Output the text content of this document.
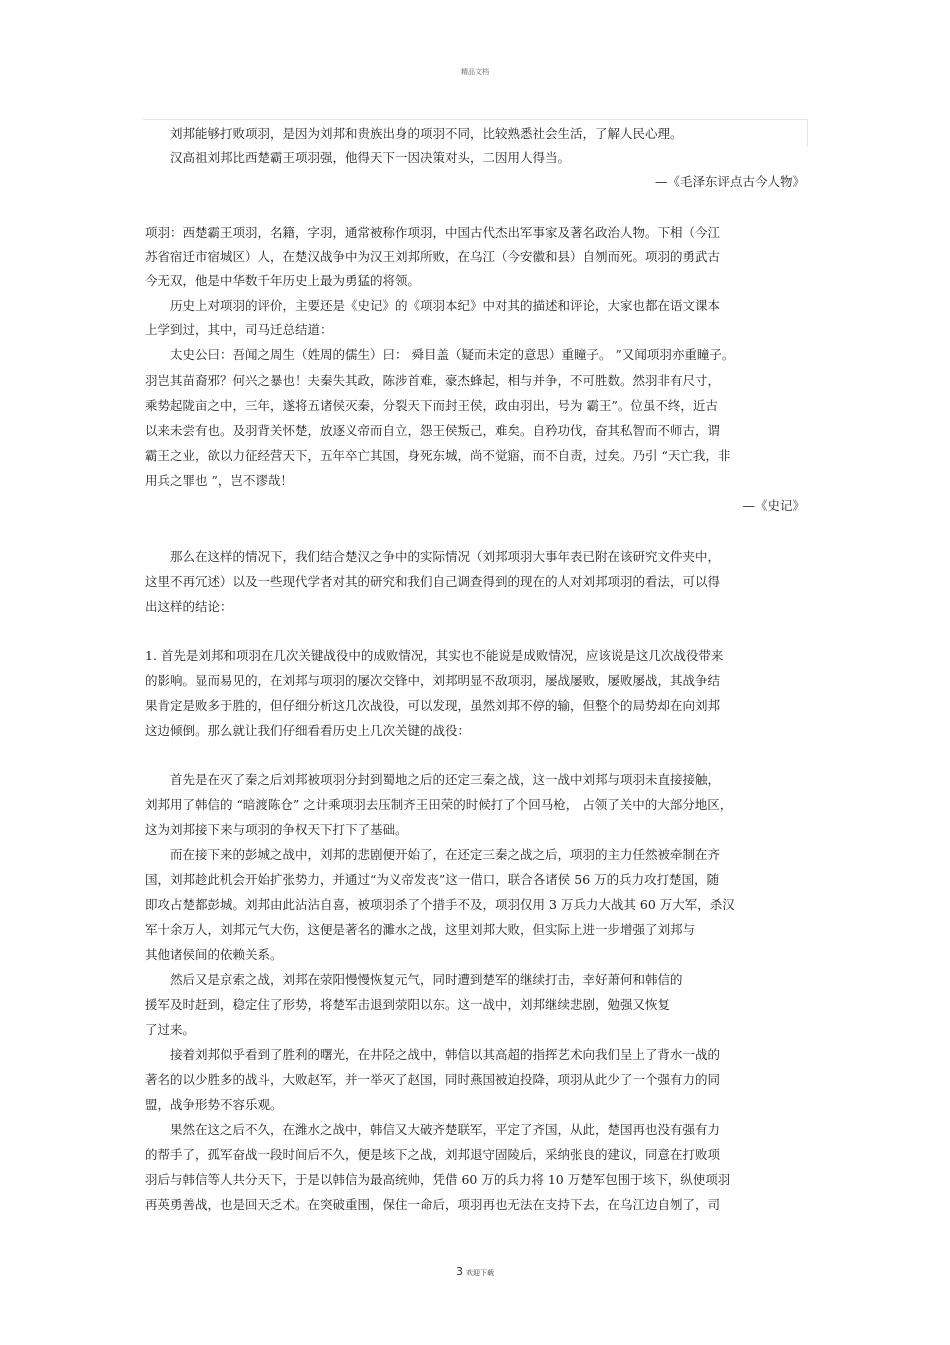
精品文档
刘邦能够打败项羽，是因为刘邦和贵族出身的项羽不同，比较熟悉社会生活，了解人民心理。
汉高祖刘邦比西楚霸王项羽强，他得天下一因决策对头，二因用人得当。
—《毛泽东评点古今人物》
项羽：西楚霸王项羽，名籍，字羽，通常被称作项羽，中国古代杰出军事家及著名政治人物。下相（今江
苏省宿迁市宿城区）人，在楚汉战争中为汉王刘邦所败，在乌江（今安徽和县）自刎而死。项羽的勇武古
今无双，他是中华数千年历史上最为勇猛的将领。
历史上对项羽的评价，主要还是《史记》的《项羽本纪》中对其的描述和评论，大家也都在语文课本
上学到过，其中，司马迁总结道：
太史公曰：吾闻之周生（姓周的儒生）曰： 舜目盖（疑而未定的意思）重瞳子。 ”又闻项羽亦重瞳子。
羽岂其苗裔邪？何兴之暴也！夫秦失其政，陈涉首难，豪杰蜂起，相与并争，不可胜数。然羽非有尺寸，
乘势起陇亩之中，三年，遂将五诸侯灭秦，分裂天下而封王侯，政由羽出，号为 霸王”。位虽不终，近古
以来未尝有也。及羽背关怀楚，放逐义帝而自立，怨王侯叛己，难矣。自矜功伐，奋其私智而不师古，谓
霸王之业，欲以力征经营天下，五年卒亡其国，身死东城，尚不觉寤，而不自责，过矣。乃引 “天亡我，非
用兵之罪也 ”，岂不谬哉！
—《史记》
那么在这样的情况下，我们结合楚汉之争中的实际情况（刘邦项羽大事年表已附在该研究文件夹中，
这里不再冗述）以及一些现代学者对其的研究和我们自己调查得到的现在的人对刘邦项羽的看法，可以得
出这样的结论：
1. 首先是刘邦和项羽在几次关键战役中的成败情况，其实也不能说是成败情况，应该说是这几次战役带来
的影响。显而易见的，在刘邦与项羽的屡次交锋中，刘邦明显不敌项羽，屡战屡败，屡败屡战，其战争结
果肯定是败多于胜的，但仔细分析这几次战役，可以发现，虽然刘邦不停的输，但整个的局势却在向刘邦
这边倾倒。那么就让我们仔细看看历史上几次关键的战役：
首先是在灭了秦之后刘邦被项羽分封到蜀地之后的还定三秦之战，这一战中刘邦与项羽未直接接触，
刘邦用了韩信的 “暗渡陈仓” 之计乘项羽去压制齐王田荣的时候打了个回马枪， 占领了关中的大部分地区，
这为刘邦接下来与项羽的争权天下打下了基础。
而在接下来的彭城之战中，刘邦的悲剧便开始了，在还定三秦之战之后，项羽的主力任然被牵制在齐
国，刘邦趁此机会开始扩张势力，并通过“为义帝发丧”这一借口，联合各诸侯 56 万的兵力攻打楚国，随
即攻占楚都彭城。刘邦由此沾沾自喜，被项羽杀了个措手不及，项羽仅用 3 万兵力大战其 60 万大军，杀汉
军十余万人，刘邦元气大伤，这便是著名的濉水之战，这里刘邦大败，但实际上进一步增强了刘邦与
其他诸侯间的依赖关系。
然后又是京索之战，刘邦在荥阳慢慢恢复元气，同时遭到楚军的继续打击，幸好萧何和韩信的
援军及时赶到，稳定住了形势，将楚军击退到荥阳以东。这一战中，刘邦继续悲剧，勉强又恢复
了过来。
接着刘邦似乎看到了胜利的曙光，在井陉之战中，韩信以其高超的指挥艺术向我们呈上了背水一战的
著名的以少胜多的战斗，大败赵军，并一举灭了赵国，同时燕国被迫投降，项羽从此少了一个强有力的同
盟，战争形势不容乐观。
果然在这之后不久，在潍水之战中，韩信又大破齐楚联军，平定了齐国，从此，楚国再也没有强有力
的帮手了，孤军奋战一段时间后不久，便是垓下之战，刘邦退守固陵后，采纳张良的建议，同意在打败项
羽后与韩信等人共分天下，于是以韩信为最高统帅，凭借 60 万的兵力将 10 万楚军包围于垓下，纵使项羽
再英勇善战，也是回天乏术。在突破重围，保住一命后，项羽再也无法在支持下去，在乌江边自刎了，司
3 欢迎下载
